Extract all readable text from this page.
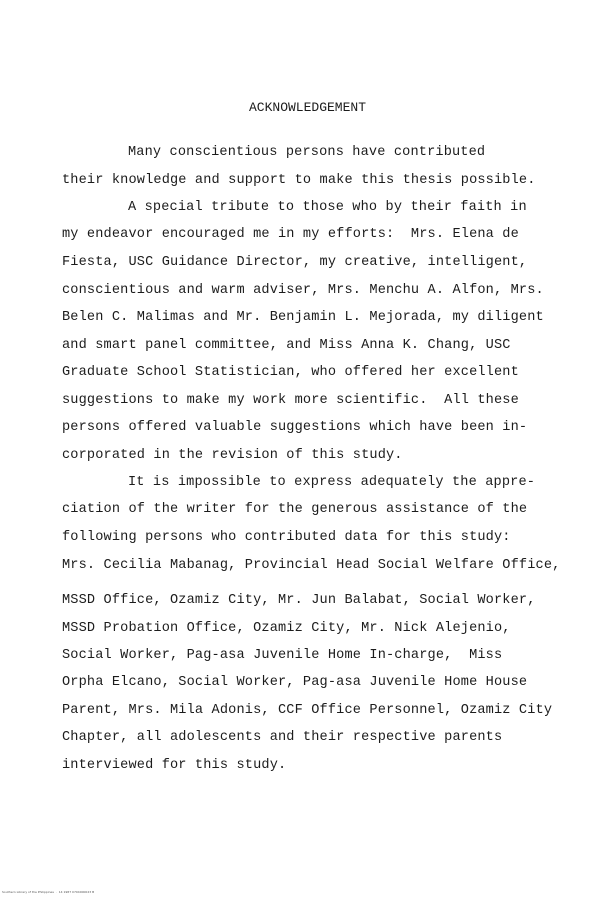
ACKNOWLEDGEMENT
Many conscientious persons have contributed
their knowledge and support to make this thesis possible.
A special tribute to those who by their faith in
my endeavor encouraged me in my efforts:  Mrs. Elena de
Fiesta, USC Guidance Director, my creative, intelligent,
conscientious and warm adviser, Mrs. Menchu A. Alfon, Mrs.
Belen C. Malimas and Mr. Benjamin L. Mejorada, my diligent
and smart panel committee, and Miss Anna K. Chang, USC
Graduate School Statistician, who offered her excellent
suggestions to make my work more scientific.  All these
persons offered valuable suggestions which have been in-
corporated in the revision of this study.
It is impossible to express adequately the appre-
ciation of the writer for the generous assistance of the
following persons who contributed data for this study:
Mrs. Cecilia Mabanag, Provincial Head Social Welfare Office,
MSSD Office, Ozamiz City, Mr. Jun Balabat, Social Worker,
MSSD Probation Office, Ozamiz City, Mr. Nick Alejenio,
Social Worker, Pag-asa Juvenile Home In-charge,  Miss
Orpha Elcano, Social Worker, Pag-asa Juvenile Home House
Parent, Mrs. Mila Adonis, CCF Office Personnel, Ozamiz City
Chapter, all adolescents and their respective parents
interviewed for this study.
Southern Library of the Philippines  ·  14 1987 0704000023 B
